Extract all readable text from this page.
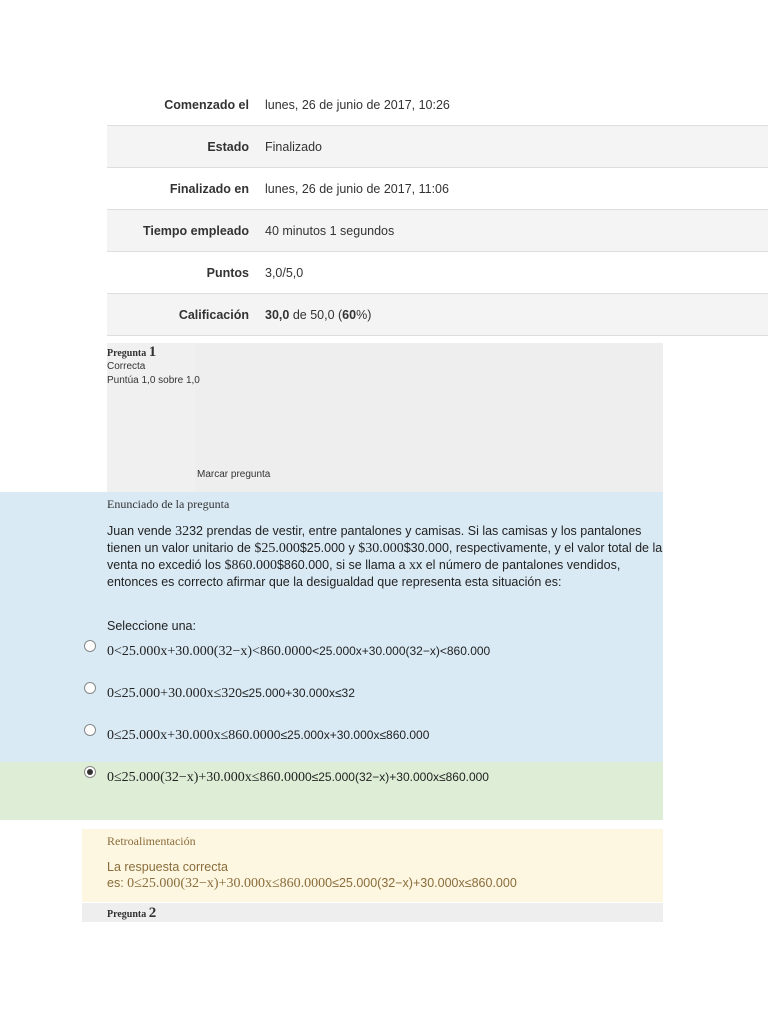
Comenzado el lunes, 26 de junio de 2017, 10:26
Estado Finalizado
Finalizado en lunes, 26 de junio de 2017, 11:06
Tiempo empleado 40 minutos 1 segundos
Puntos 3,0/5,0
Calificación 30,0 de 50,0 (60%)
Pregunta 1
Correcta
Puntúa 1,0 sobre 1,0
Marcar pregunta
Enunciado de la pregunta
Juan vende 3232 prendas de vestir, entre pantalones y camisas. Si las camisas y los pantalones tienen un valor unitario de $25.000$25.000 y $30.000$30.000, respectivamente, y el valor total de la venta no excedió los $860.000$860.000, si se llama a xx el número de pantalones vendidos, entonces es correcto afirmar que la desigualdad que representa esta situación es:
Seleccione una:
0<25.000x+30.000(32−x)<860.0000<25.000x+30.000(32−x)<860.000
0≤25.000+30.000x≤320≤25.000+30.000x≤32
0≤25.000x+30.000x≤860.0000≤25.000x+30.000x≤860.000
0≤25.000(32−x)+30.000x≤860.0000≤25.000(32−x)+30.000x≤860.000
Retroalimentación
La respuesta correcta
es: 0≤25.000(32−x)+30.000x≤860.0000≤25.000(32−x)+30.000x≤860.000
Pregunta 2
